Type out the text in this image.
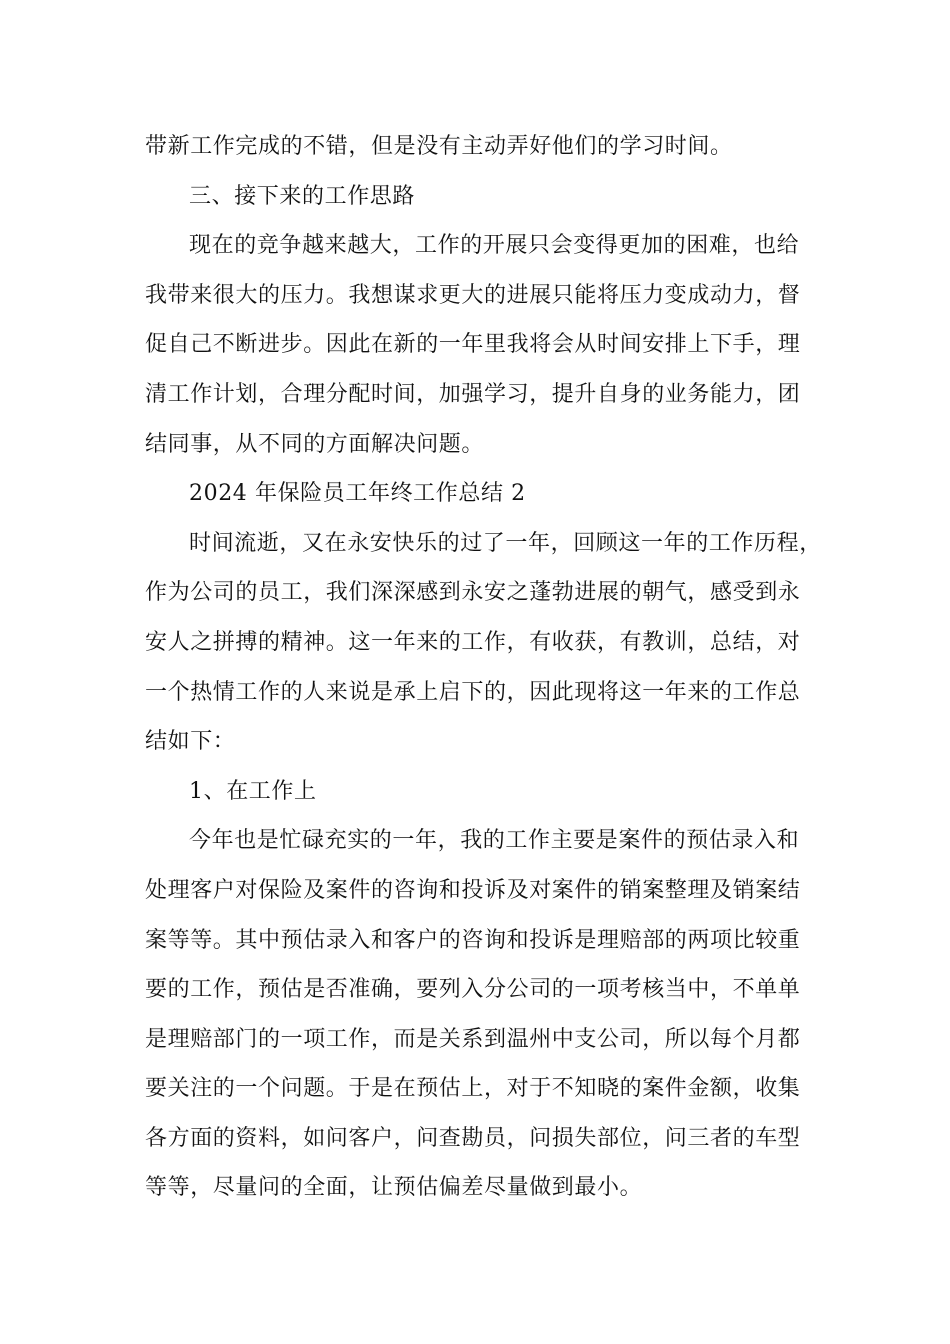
带新工作完成的不错，但是没有主动弄好他们的学习时间。
三、接下来的工作思路
现在的竞争越来越大，工作的开展只会变得更加的困难，也给
我带来很大的压力。我想谋求更大的进展只能将压力变成动力，督
促自己不断进步。因此在新的一年里我将会从时间安排上下手，理
清工作计划，合理分配时间，加强学习，提升自身的业务能力，团
结同事，从不同的方面解决问题。
2024 年保险员工年终工作总结 2
时间流逝，又在永安快乐的过了一年，回顾这一年的工作历程，
作为公司的员工，我们深深感到永安之蓬勃进展的朝气，感受到永
安人之拼搏的精神。这一年来的工作，有收获，有教训，总结，对
一个热情工作的人来说是承上启下的，因此现将这一年来的工作总
结如下：
1、在工作上
今年也是忙碌充实的一年，我的工作主要是案件的预估录入和
处理客户对保险及案件的咨询和投诉及对案件的销案整理及销案结
案等等。其中预估录入和客户的咨询和投诉是理赔部的两项比较重
要的工作，预估是否准确，要列入分公司的一项考核当中，不单单
是理赔部门的一项工作，而是关系到温州中支公司，所以每个月都
要关注的一个问题。于是在预估上，对于不知晓的案件金额，收集
各方面的资料，如问客户，问查勘员，问损失部位，问三者的车型
等等，尽量问的全面，让预估偏差尽量做到最小。
